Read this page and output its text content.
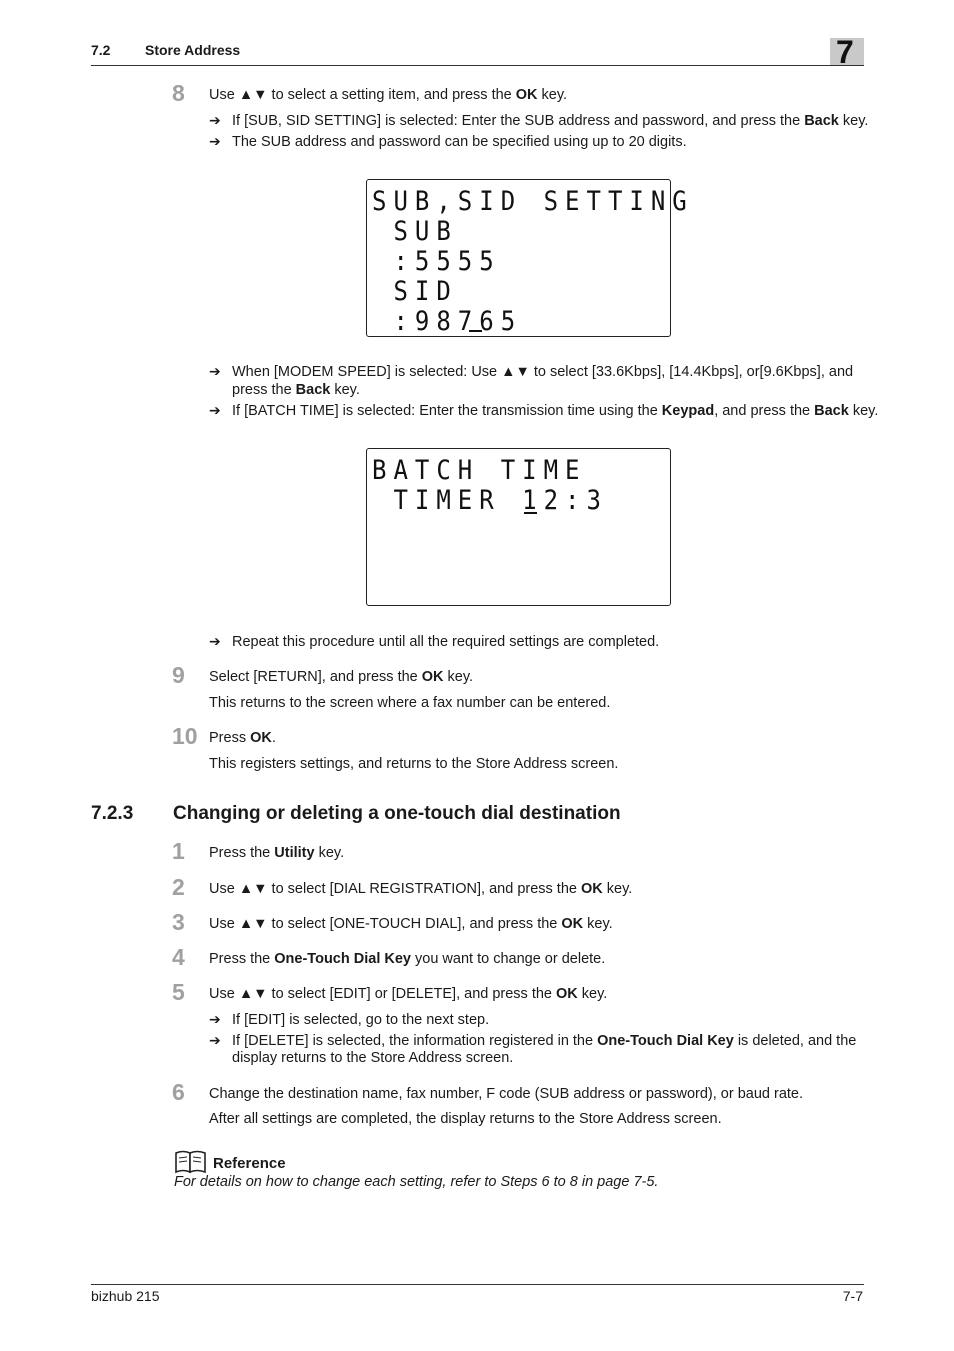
7.2 Store Address	7
8 Use ▲▼ to select a setting item, and press the OK key.
➔ If [SUB, SID SETTING] is selected: Enter the SUB address and password, and press the Back key.
➔ The SUB address and password can be specified using up to 20 digits.
SUB,SID SETTING
SUB
:5555
SID
:98765
➔ When [MODEM SPEED] is selected: Use ▲▼ to select [33.6Kbps], [14.4Kbps], or[9.6Kbps], and
press the Back key.
➔ If [BATCH TIME] is selected: Enter the transmission time using the Keypad, and press the Back key.
BATCH TIME
TIMER 12:3
➔ Repeat this procedure until all the required settings are completed.
9 Select [RETURN], and press the OK key.
This returns to the screen where a fax number can be entered.
10 Press OK.
This registers settings, and returns to the Store Address screen.
7.2.3 Changing or deleting a one-touch dial destination
1 Press the Utility key.
2 Use ▲▼ to select [DIAL REGISTRATION], and press the OK key.
3 Use ▲▼ to select [ONE-TOUCH DIAL], and press the OK key.
4 Press the One-Touch Dial Key you want to change or delete.
5 Use ▲▼ to select [EDIT] or [DELETE], and press the OK key.
➔ If [EDIT] is selected, go to the next step.
➔ If [DELETE] is selected, the information registered in the One-Touch Dial Key is deleted, and the
display returns to the Store Address screen.
6 Change the destination name, fax number, F code (SUB address or password), or baud rate.
After all settings are completed, the display returns to the Store Address screen.
Reference
For details on how to change each setting, refer to Steps 6 to 8 in page 7-5.
bizhub 215	7-7
